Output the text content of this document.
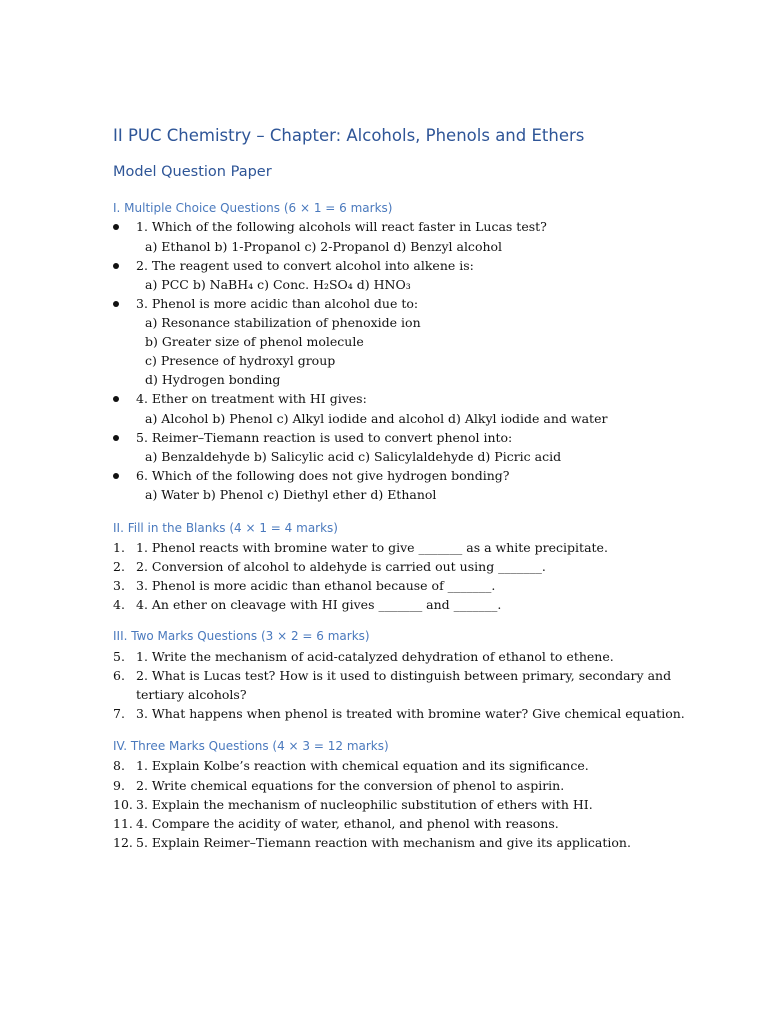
II PUC Chemistry – Chapter: Alcohols, Phenols and Ethers
Model Question Paper
I. Multiple Choice Questions (6 × 1 = 6 marks)
1. Which of the following alcohols will react faster in Lucas test?
a) Ethanol b) 1-Propanol c) 2-Propanol d) Benzyl alcohol
2. The reagent used to convert alcohol into alkene is:
a) PCC b) NaBH₄ c) Conc. H₂SO₄ d) HNO₃
3. Phenol is more acidic than alcohol due to:
a) Resonance stabilization of phenoxide ion
b) Greater size of phenol molecule
c) Presence of hydroxyl group
d) Hydrogen bonding
4. Ether on treatment with HI gives:
a) Alcohol b) Phenol c) Alkyl iodide and alcohol d) Alkyl iodide and water
5. Reimer–Tiemann reaction is used to convert phenol into:
a) Benzaldehyde b) Salicylic acid c) Salicylaldehyde d) Picric acid
6. Which of the following does not give hydrogen bonding?
a) Water b) Phenol c) Diethyl ether d) Ethanol
II. Fill in the Blanks (4 × 1 = 4 marks)
1. 1. Phenol reacts with bromine water to give _______ as a white precipitate.
2. 2. Conversion of alcohol to aldehyde is carried out using _______.
3. 3. Phenol is more acidic than ethanol because of _______.
4. 4. An ether on cleavage with HI gives _______ and _______.
III. Two Marks Questions (3 × 2 = 6 marks)
5. 1. Write the mechanism of acid-catalyzed dehydration of ethanol to ethene.
6. 2. What is Lucas test? How is it used to distinguish between primary, secondary and
tertiary alcohols?
7. 3. What happens when phenol is treated with bromine water? Give chemical equation.
IV. Three Marks Questions (4 × 3 = 12 marks)
8. 1. Explain Kolbe’s reaction with chemical equation and its significance.
9. 2. Write chemical equations for the conversion of phenol to aspirin.
10. 3. Explain the mechanism of nucleophilic substitution of ethers with HI.
11. 4. Compare the acidity of water, ethanol, and phenol with reasons.
12. 5. Explain Reimer–Tiemann reaction with mechanism and give its application.
